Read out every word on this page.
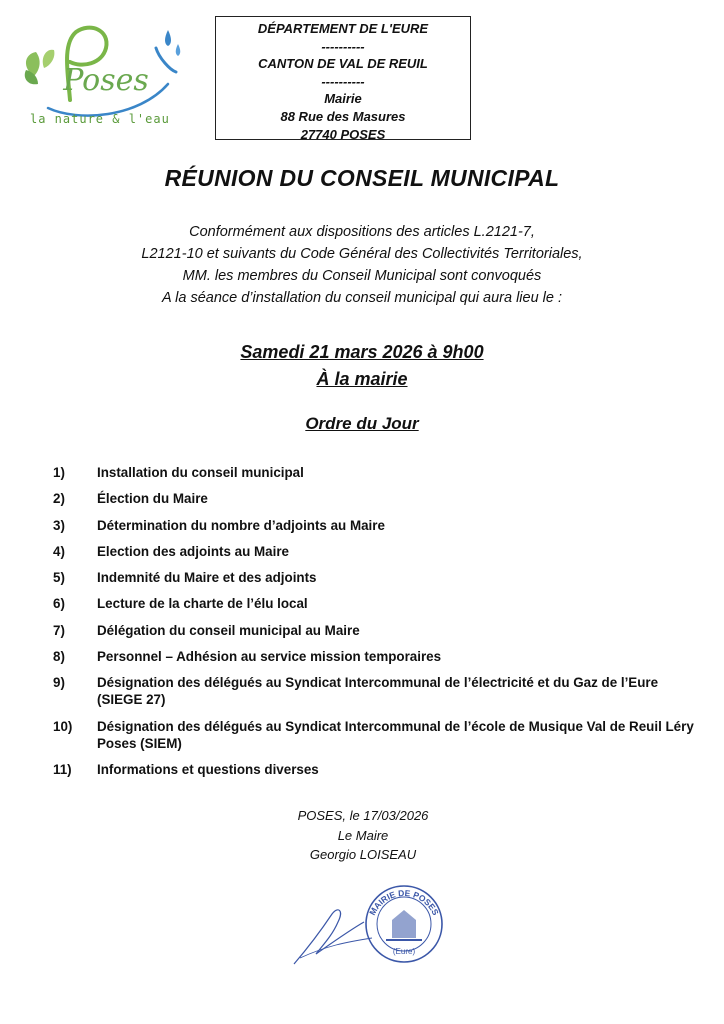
Poses
la nature & l'eau
DÉPARTEMENT DE L'EURE
----------
CANTON DE VAL DE REUIL
----------
Mairie
88 Rue des Masures
27740 POSES
RÉUNION DU CONSEIL MUNICIPAL
Conformément aux dispositions des articles L.2121-7,
L2121-10 et suivants du Code Général des Collectivités Territoriales,
MM. les membres du Conseil Municipal sont convoqués
A la séance d’installation du conseil municipal qui aura lieu le :
Samedi 21 mars 2026 à 9h00
À la mairie
Ordre du Jour
1)	Installation du conseil municipal
2)	Élection du Maire
3)	Détermination du nombre d’adjoints au Maire
4)	Election des adjoints au Maire
5)	Indemnité du Maire et des adjoints
6)	Lecture de la charte de l’élu local
7)	Délégation du conseil municipal au Maire
8)	Personnel – Adhésion au service mission temporaires
9)	Désignation des délégués au Syndicat Intercommunal de l’électricité et du Gaz de l’Eure (SIEGE 27)
10)	Désignation des délégués au Syndicat Intercommunal de l’école de Musique Val de Reuil Léry Poses (SIEM)
11)	Informations et questions diverses
POSES, le 17/03/2026
Le Maire
Georgio LOISEAU
MAIRIE DE POSES
(Eure)
